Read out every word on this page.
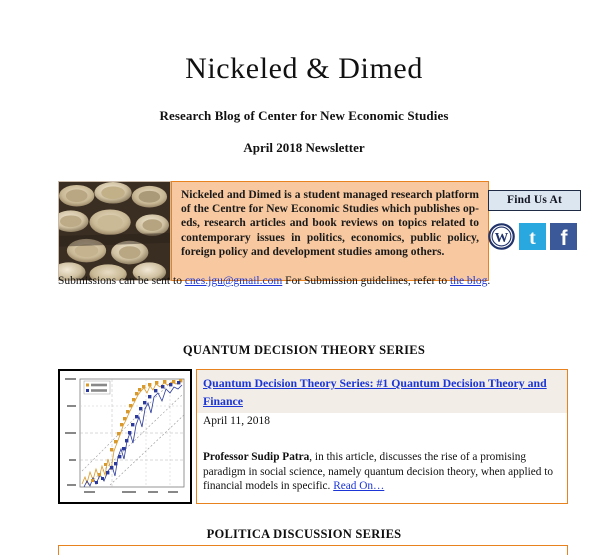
Nickeled & Dimed
Research Blog of Center for New Economic Studies
April 2018 Newsletter

Nickeled and Dimed is a student managed research platform of the Centre for New Economic Studies which publishes op-eds, research articles and book reviews on topics related to contemporary issues in politics, economics, public policy, foreign policy and development studies among others.

Find Us At
W t f
Submissions can be sent to cnes.jgu@gmail.com For Submission guidelines, refer to the blog.
QUANTUM DECISION THEORY SERIES
Quantum Decision Theory Series: #1 Quantum Decision Theory and Finance
April 11, 2018
Professor Sudip Patra, in this article, discusses the rise of a promising paradigm in social science, namely quantum decision theory, when applied to financial models in specific. Read On…
POLITICA DISCUSSION SERIES
